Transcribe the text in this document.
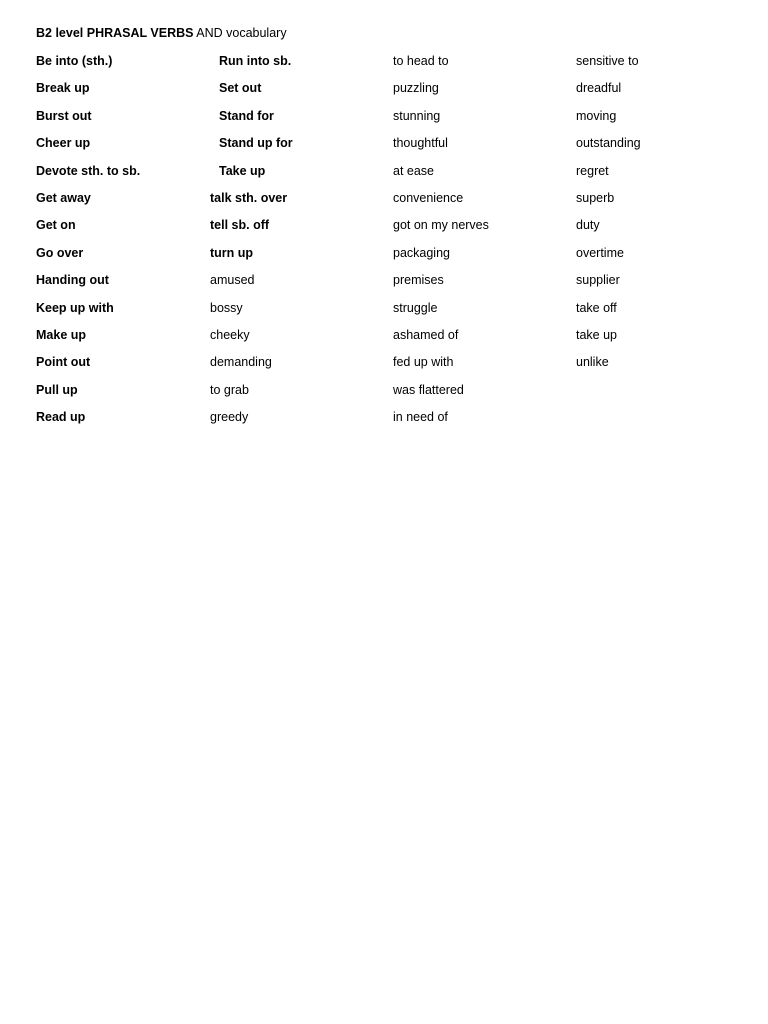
B2 level PHRASAL VERBS AND vocabulary
Be into (sth.)
Break up
Burst out
Cheer up
Devote sth. to sb.
Get away
Get on
Go over
Handing out
Keep up with
Make up
Point out
Pull up
Read up
Run into sb.
Set out
Stand for
Stand up for
Take up
talk sth. over
tell sb. off
turn up
amused
bossy
cheeky
demanding
to grab
greedy
to head to
puzzling
stunning
thoughtful
at ease
convenience
got on my nerves
packaging
premises
struggle
ashamed of
fed up with
was flattered
in need of
sensitive to
dreadful
moving
outstanding
regret
superb
duty
overtime
supplier
take off
take up
unlike
